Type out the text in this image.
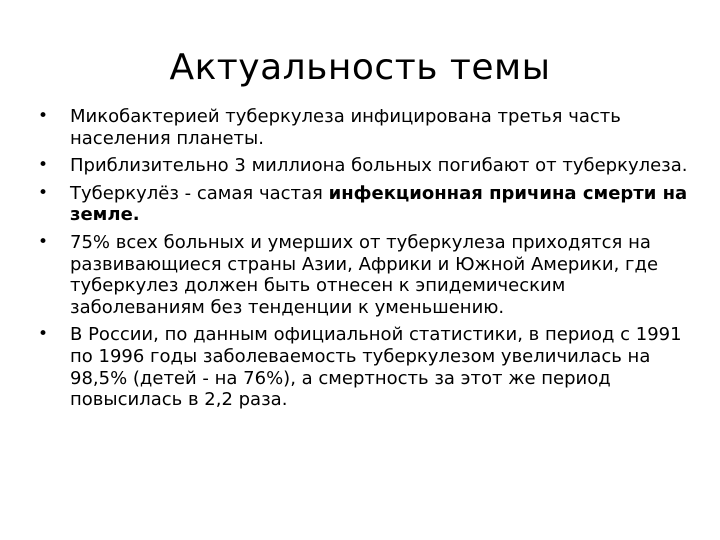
Актуальность темы
• Микобактерией туберкулеза инфицирована третья часть населения планеты.
• Приблизительно 3 миллиона больных погибают от туберкулеза.
• Туберкулёз - самая частая инфекционная причина смерти на земле.
• 75% всех больных и умерших от туберкулеза приходятся на развивающиеся страны Азии, Африки и Южной Америки, где туберкулез должен быть отнесен к эпидемическим заболеваниям без тенденции к уменьшению.
• В России, по данным официальной статистики, в период с 1991 по 1996 годы заболеваемость туберкулезом увеличилась на 98,5% (детей - на 76%), а смертность за этот же период повысилась в 2,2 раза.
